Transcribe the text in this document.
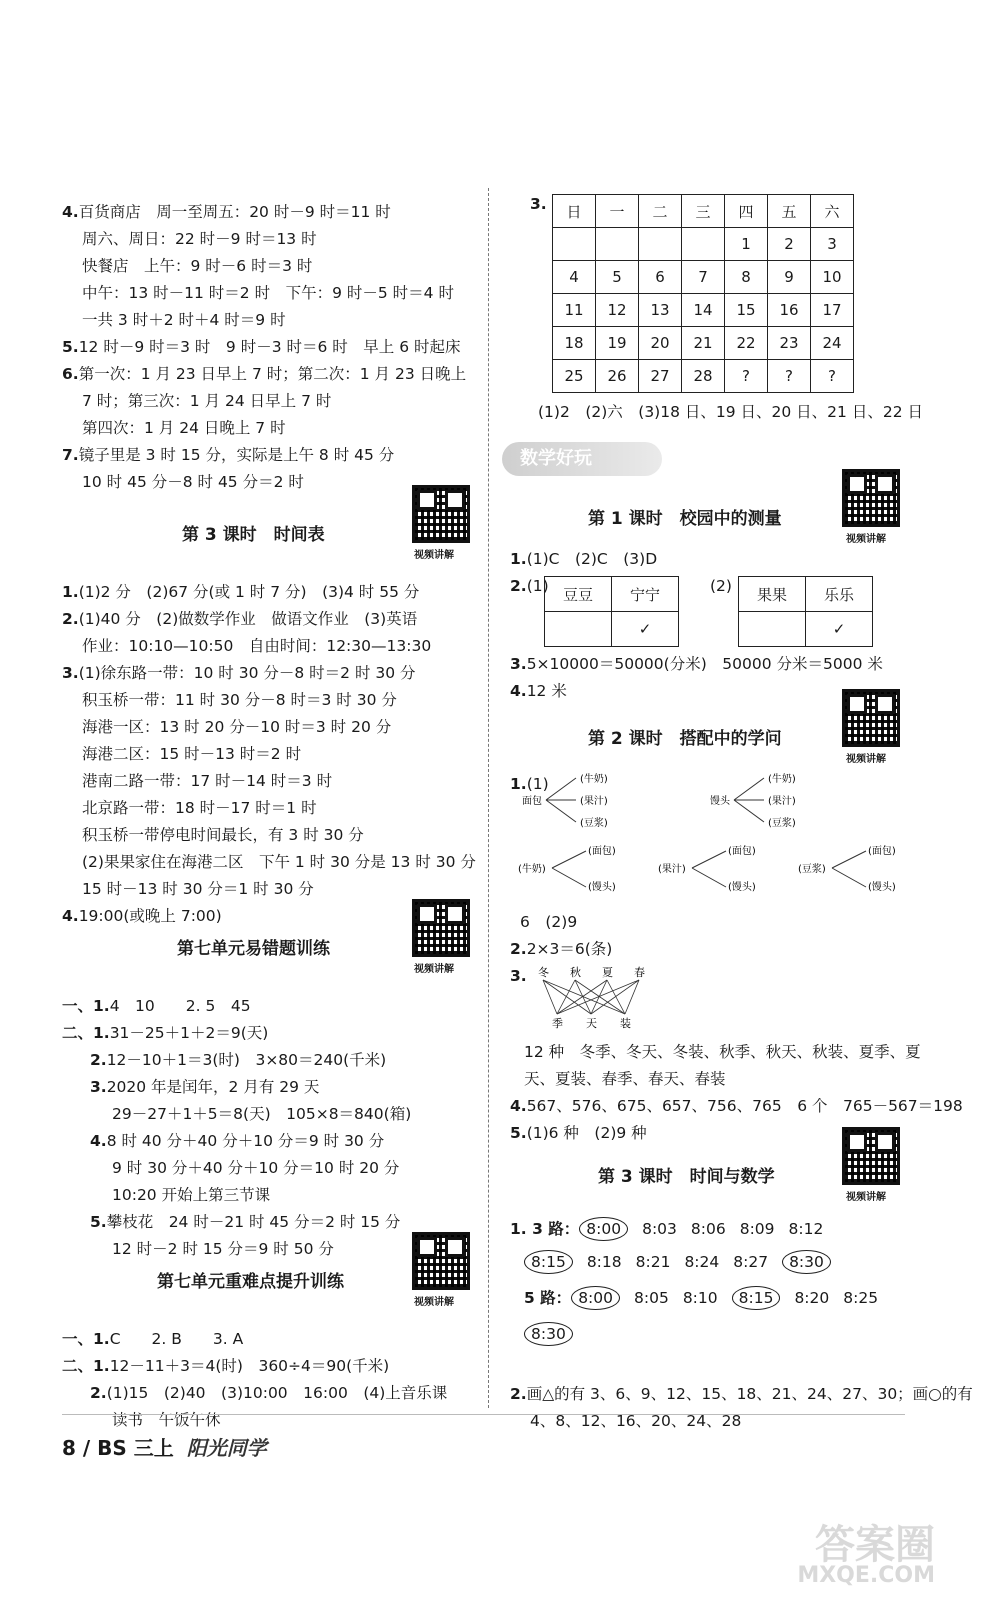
4.百货商店　周一至周五：20 时－9 时＝11 时
周六、周日：22 时－9 时＝13 时
快餐店　上午：9 时－6 时＝3 时
中午：13 时－11 时＝2 时　下午：9 时－5 时＝4 时
一共 3 时＋2 时＋4 时＝9 时
5.12 时－9 时＝3 时　9 时－3 时＝6 时　早上 6 时起床
6.第一次：1 月 23 日早上 7 时；第二次：1 月 23 日晚上
7 时；第三次：1 月 24 日早上 7 时
第四次：1 月 24 日晚上 7 时
7.镜子里是 3 时 15 分，实际是上午 8 时 45 分
10 时 45 分－8 时 45 分＝2 时
1.(1)2 分　(2)67 分(或 1 时 7 分)　(3)4 时 55 分
2.(1)40 分　(2)做数学作业　做语文作业　(3)英语
作业：10:10—10:50　自由时间：12:30—13:30
3.(1)徐东路一带：10 时 30 分－8 时＝2 时 30 分
积玉桥一带：11 时 30 分－8 时＝3 时 30 分
海港一区：13 时 20 分－10 时＝3 时 20 分
海港二区：15 时－13 时＝2 时
港南二路一带：17 时－14 时＝3 时
北京路一带：18 时－17 时＝1 时
积玉桥一带停电时间最长，有 3 时 30 分
(2)果果家住在海港二区　下午 1 时 30 分是 13 时 30 分
15 时－13 时 30 分＝1 时 30 分
4.19:00(或晚上 7:00)
一、1.4　10　　2. 5　45
二、1.31－25＋1＋2＝9(天)
2.12－10＋1＝3(时)　3×80＝240(千米)
3.2020 年是闰年，2 月有 29 天
29－27＋1＋5＝8(天)　105×8＝840(箱)
4.8 时 40 分＋40 分＋10 分＝9 时 30 分
9 时 30 分＋40 分＋10 分＝10 时 20 分
10:20 开始上第三节课
5.攀枝花　24 时－21 时 45 分＝2 时 15 分
12 时－2 时 15 分＝9 时 50 分
一、1.C　　2. B　　3. A
二、1.12－11＋3＝4(时)　360÷4＝90(千米)
2.(1)15　(2)40　(3)10:00　16:00　(4)上音乐课
读书　午饭午休
第 3 课时　时间表
视频讲解
第七单元易错题训练
视频讲解
第七单元重难点提升训练
视频讲解
3. 日	一	二	三	四	五	六
				1	2	3
4	5	6	7	8	9	10
11	12	13	14	15	16	17
18	19	20	21	22	23	24
25	26	27	28	?	?	?
(1)2　(2)六　(3)18 日、19 日、20 日、21 日、22 日
数学好玩
第 1 课时　校园中的测量
视频讲解
第 2 课时　搭配中的学问
视频讲解
第 3 课时　时间与数学
视频讲解
1.(1)C　(2)C　(3)D
2.(1)	(2)
3.5×10000＝50000(分米)　50000 分米＝5000 米
4.12 米
1.(1)
6　(2)9
2.2×3＝6(条)
3.
12 种　冬季、冬天、冬装、秋季、秋天、秋装、夏季、夏
天、夏装、春季、春天、春装
4.567、576、675、657、756、765　6 个　765－567＝198
5.(1)6 种　(2)9 种
2.画△的有 3、6、9、12、15、18、21、24、27、30；画○的有
4、8、12、16、20、24、28
豆豆	宁宁
	✓
果果	乐乐
	✓
面包
(牛奶)
(果汁)
(豆浆)
馒头
(牛奶)
(果汁)
(豆浆)
(牛奶)
(面包)
(馒头)
(果汁)
(面包)
(馒头)
(豆浆)
(面包)
(馒头)
冬 秋 夏 春
季 天 装
1. 3 路： 8:00 8:03 8:06 8:09 8:12
8:15 8:18 8:21 8:24 8:27 8:30
5 路： 8:00 8:05 8:10 8:15 8:20 8:25
8:30
8 / BS 三上 阳光同学
答案圈
MXQE.COM
